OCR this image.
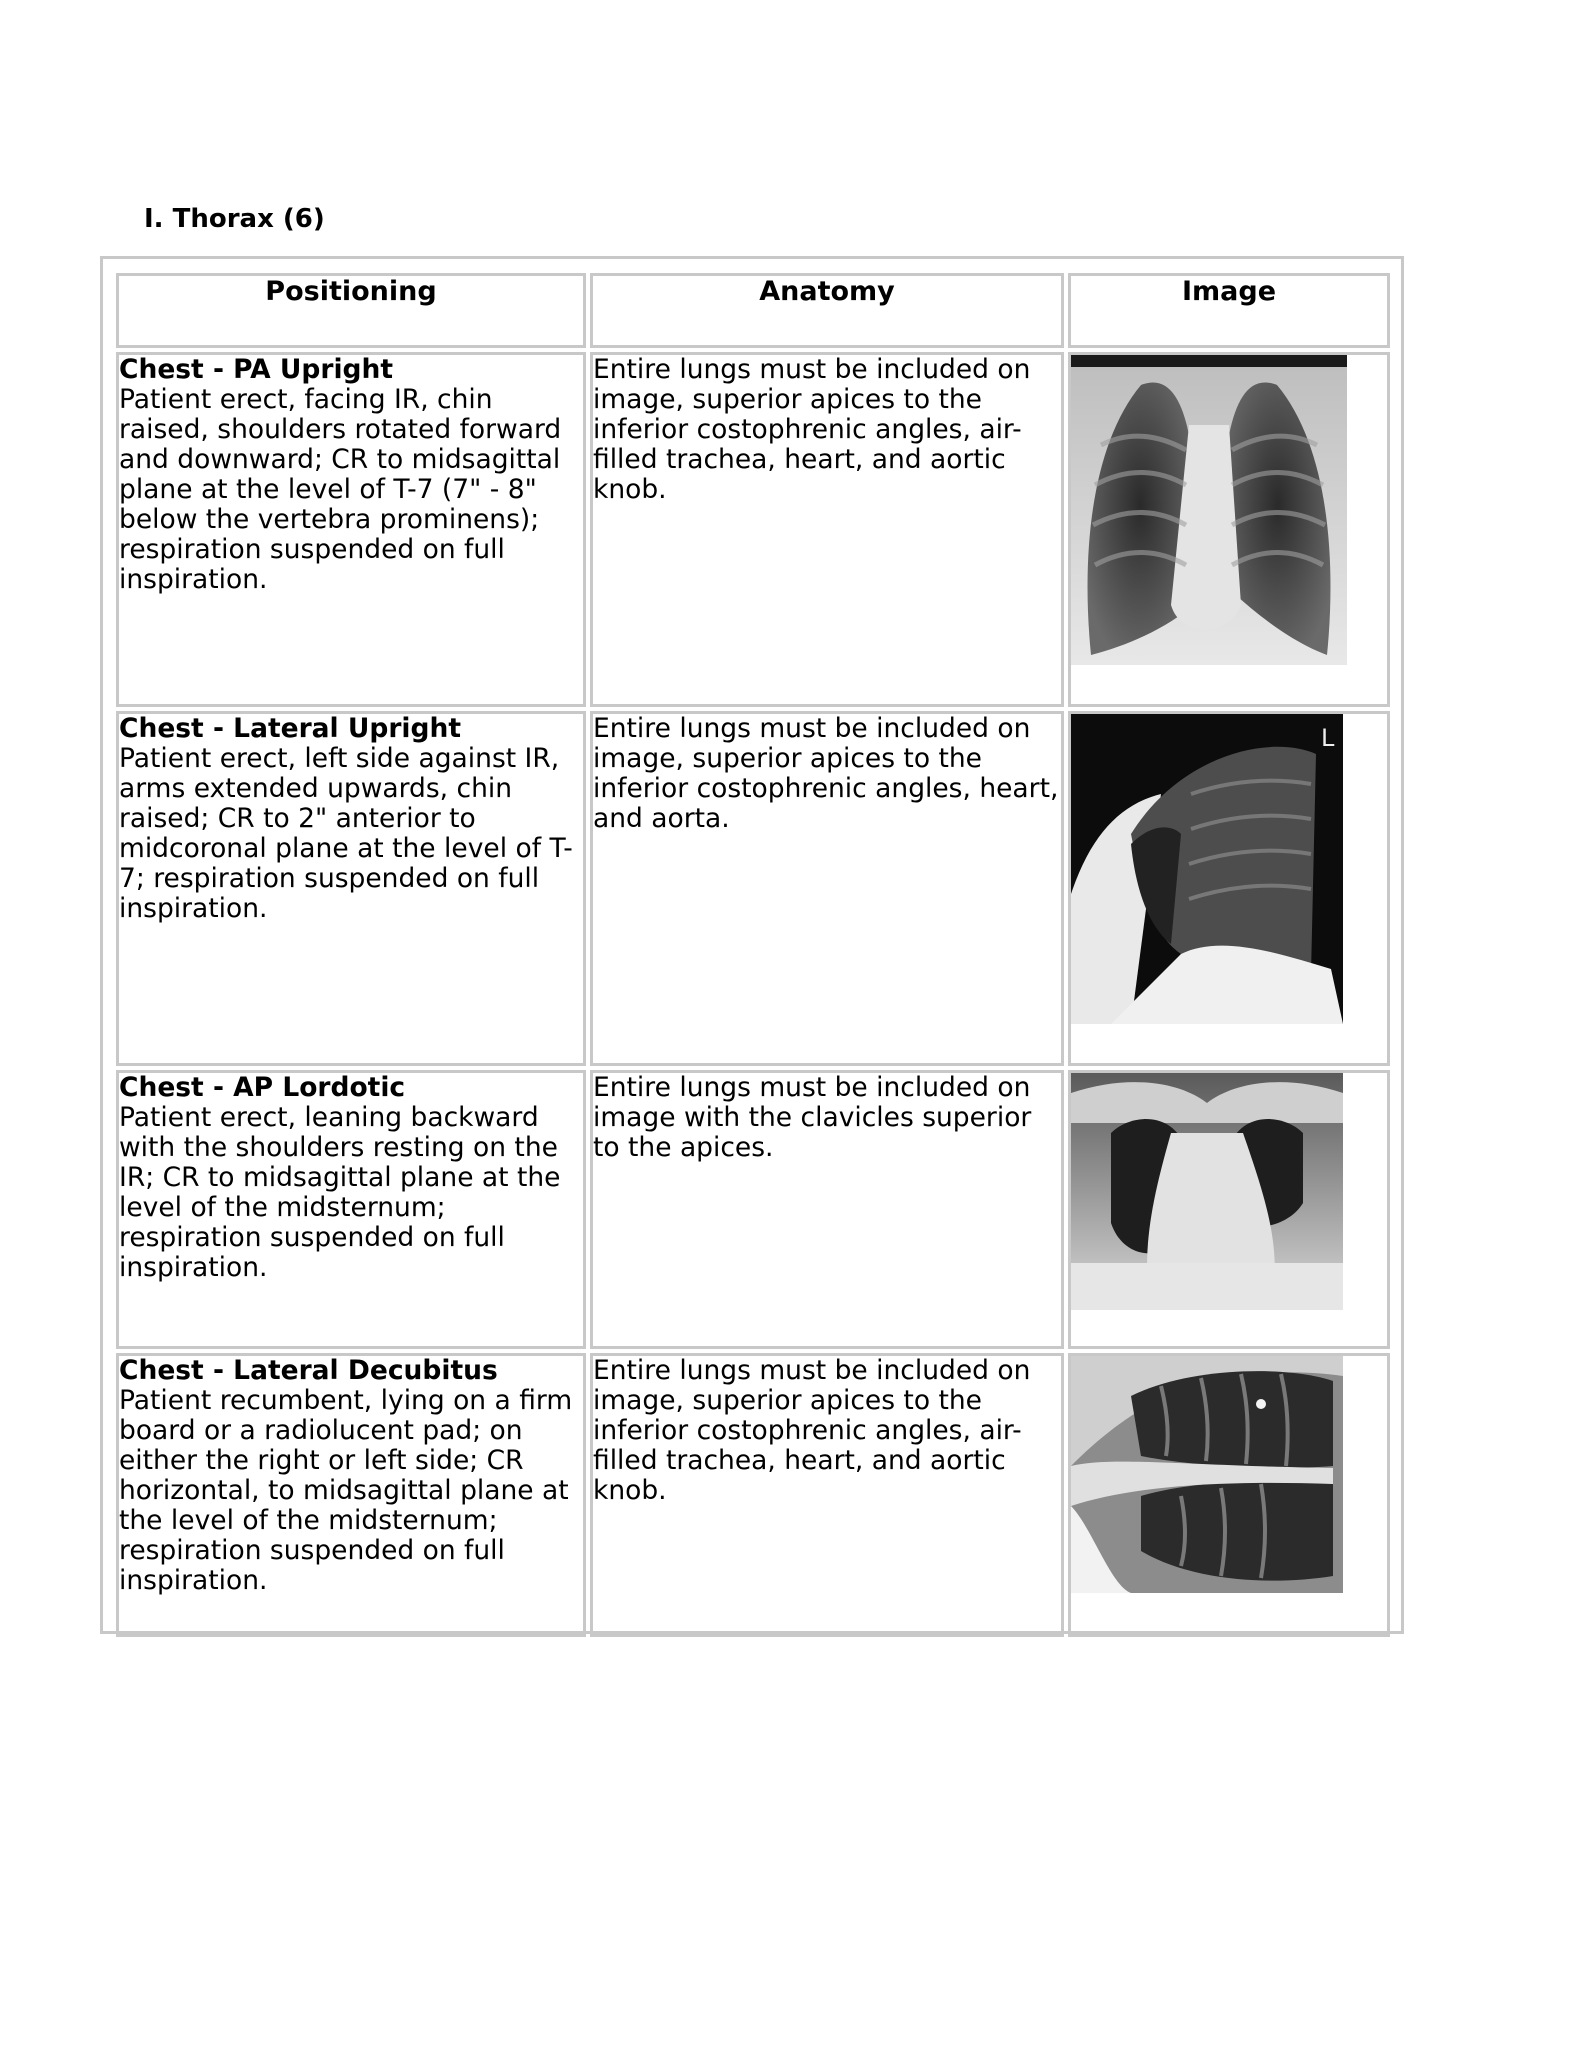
I. Thorax (6)
Positioning	Anatomy	Image

Chest - PA Upright
Patient erect, facing IR, chin raised, shoulders rotated forward and downward; CR to midsagittal plane at the level of T-7 (7" - 8" below the vertebra prominens); respiration suspended on full inspiration.	Entire lungs must be included on image, superior apices to the inferior costophrenic angles, air-filled trachea, heart, and aortic knob.	

Chest - Lateral Upright
Patient erect, left side against IR, arms extended upwards, chin raised; CR to 2" anterior to midcoronal plane at the level of T-7; respiration suspended on full inspiration.	Entire lungs must be included on image, superior apices to the inferior costophrenic angles, heart, and aorta.	L

Chest - AP Lordotic
Patient erect, leaning backward with the shoulders resting on the IR; CR to midsagittal plane at the level of the midsternum; respiration suspended on full inspiration.	Entire lungs must be included on image with the clavicles superior to the apices.	

Chest - Lateral Decubitus
Patient recumbent, lying on a firm board or a radiolucent pad; on either the right or left side; CR horizontal, to midsagittal plane at the level of the midsternum; respiration suspended on full inspiration.	Entire lungs must be included on image, superior apices to the inferior costophrenic angles, air-filled trachea, heart, and aortic knob.	
